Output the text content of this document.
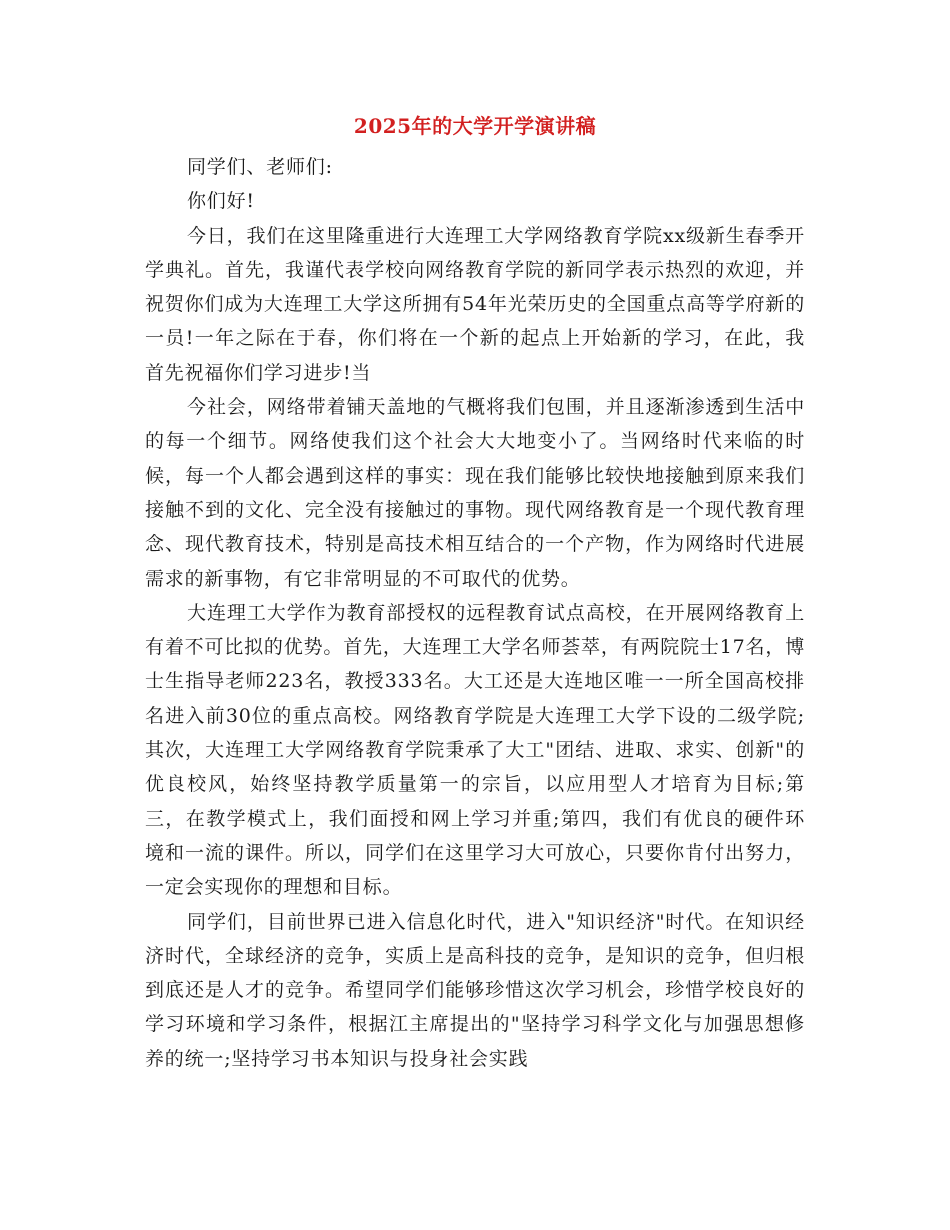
2025年的大学开学演讲稿

同学们、老师们:

你们好!

今日，我们在这里隆重进行大连理工大学网络教育学院xx级新生春季开学典礼。首先，我谨代表学校向网络教育学院的新同学表示热烈的欢迎，并祝贺你们成为大连理工大学这所拥有54年光荣历史的全国重点高等学府新的一员!一年之际在于春，你们将在一个新的起点上开始新的学习，在此，我首先祝福你们学习进步!当

今社会，网络带着铺天盖地的气概将我们包围，并且逐渐渗透到生活中的每一个细节。网络使我们这个社会大大地变小了。当网络时代来临的时候，每一个人都会遇到这样的事实：现在我们能够比较快地接触到原来我们接触不到的文化、完全没有接触过的事物。现代网络教育是一个现代教育理念、现代教育技术，特别是高技术相互结合的一个产物，作为网络时代进展需求的新事物，有它非常明显的不可取代的优势。

大连理工大学作为教育部授权的远程教育试点高校，在开展网络教育上有着不可比拟的优势。首先，大连理工大学名师荟萃，有两院院士17名，博士生指导老师223名，教授333名。大工还是大连地区唯一一所全国高校排名进入前30位的重点高校。网络教育学院是大连理工大学下设的二级学院;其次，大连理工大学网络教育学院秉承了大工"团结、进取、求实、创新"的优良校风，始终坚持教学质量第一的宗旨，以应用型人才培育为目标;第三，在教学模式上，我们面授和网上学习并重;第四，我们有优良的硬件环境和一流的课件。所以，同学们在这里学习大可放心，只要你肯付出努力，一定会实现你的理想和目标。

同学们，目前世界已进入信息化时代，进入"知识经济"时代。在知识经济时代，全球经济的竞争，实质上是高科技的竞争，是知识的竞争，但归根到底还是人才的竞争。希望同学们能够珍惜这次学习机会，珍惜学校良好的学习环境和学习条件，根据江主席提出的"坚持学习科学文化与加强思想修养的统一;坚持学习书本知识与投身社会实践
